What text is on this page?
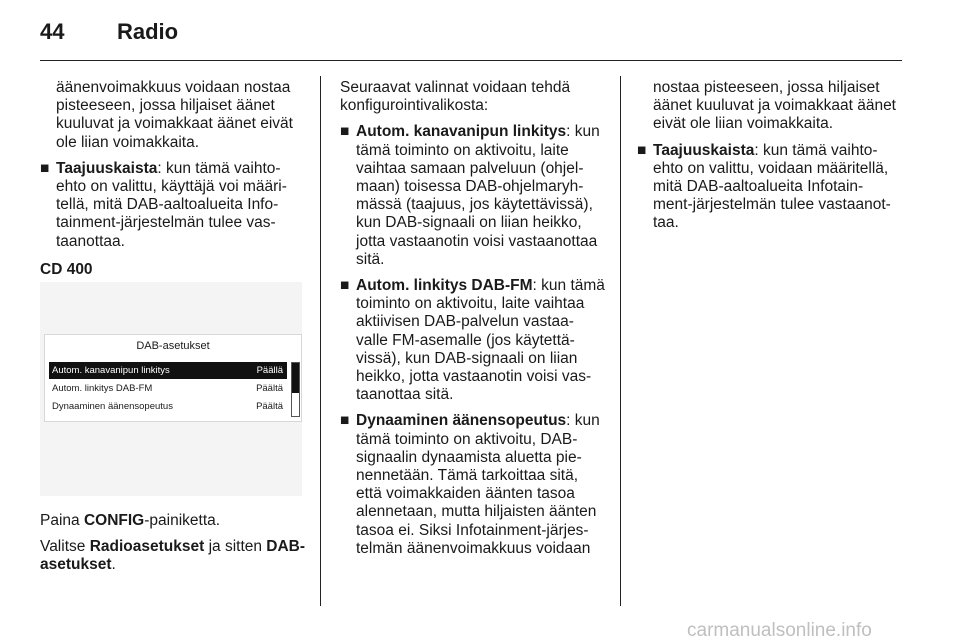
44 Radio

äänenvoimakkuus voidaan nostaa

pisteeseen, jossa hiljaiset äänet

kuuluvat ja voimakkaat äänet eivät

ole liian voimakkaita.

■ Taajuuskaista: kun tämä vaihto-

ehto on valittu, käyttäjä voi määri-

tellä, mitä DAB-aaltoalueita Info-

tainment-järjestelmän tulee vas-

taanottaa.

CD 400
DAB-asetukset
Autom. kanavanipun linkitys	Päällä
Autom. linkitys DAB-FM	Päältä
Dynaaminen äänensopeutus	Päältä

Paina CONFIG-painiketta.

Valitse Radioasetukset ja sitten DAB-

asetukset.

Seuraavat valinnat voidaan tehdä

konfigurointivalikosta:

■ Autom. kanavanipun linkitys: kun

tämä toiminto on aktivoitu, laite

vaihtaa samaan palveluun (ohjel-

maan) toisessa DAB-ohjelmaryh-

mässä (taajuus, jos käytettävissä),

kun DAB-signaali on liian heikko,

jotta vastaanotin voisi vastaanottaa

sitä.

■ Autom. linkitys DAB-FM: kun tämä

toiminto on aktivoitu, laite vaihtaa

aktiivisen DAB-palvelun vastaa-

valle FM-asemalle (jos käytettä-

vissä), kun DAB-signaali on liian

heikko, jotta vastaanotin voisi vas-

taanottaa sitä.

■ Dynaaminen äänensopeutus: kun

tämä toiminto on aktivoitu, DAB-

signaalin dynaamista aluetta pie-

nennetään. Tämä tarkoittaa sitä,

että voimakkaiden äänten tasoa

alennetaan, mutta hiljaisten äänten

tasoa ei. Siksi Infotainment-järjes-

telmän äänenvoimakkuus voidaan

nostaa pisteeseen, jossa hiljaiset

äänet kuuluvat ja voimakkaat äänet

eivät ole liian voimakkaita.

■ Taajuuskaista: kun tämä vaihto-

ehto on valittu, voidaan määritellä,

mitä DAB-aaltoalueita Infotain-

ment-järjestelmän tulee vastaanot-

taa.

carmanualsonline.info
